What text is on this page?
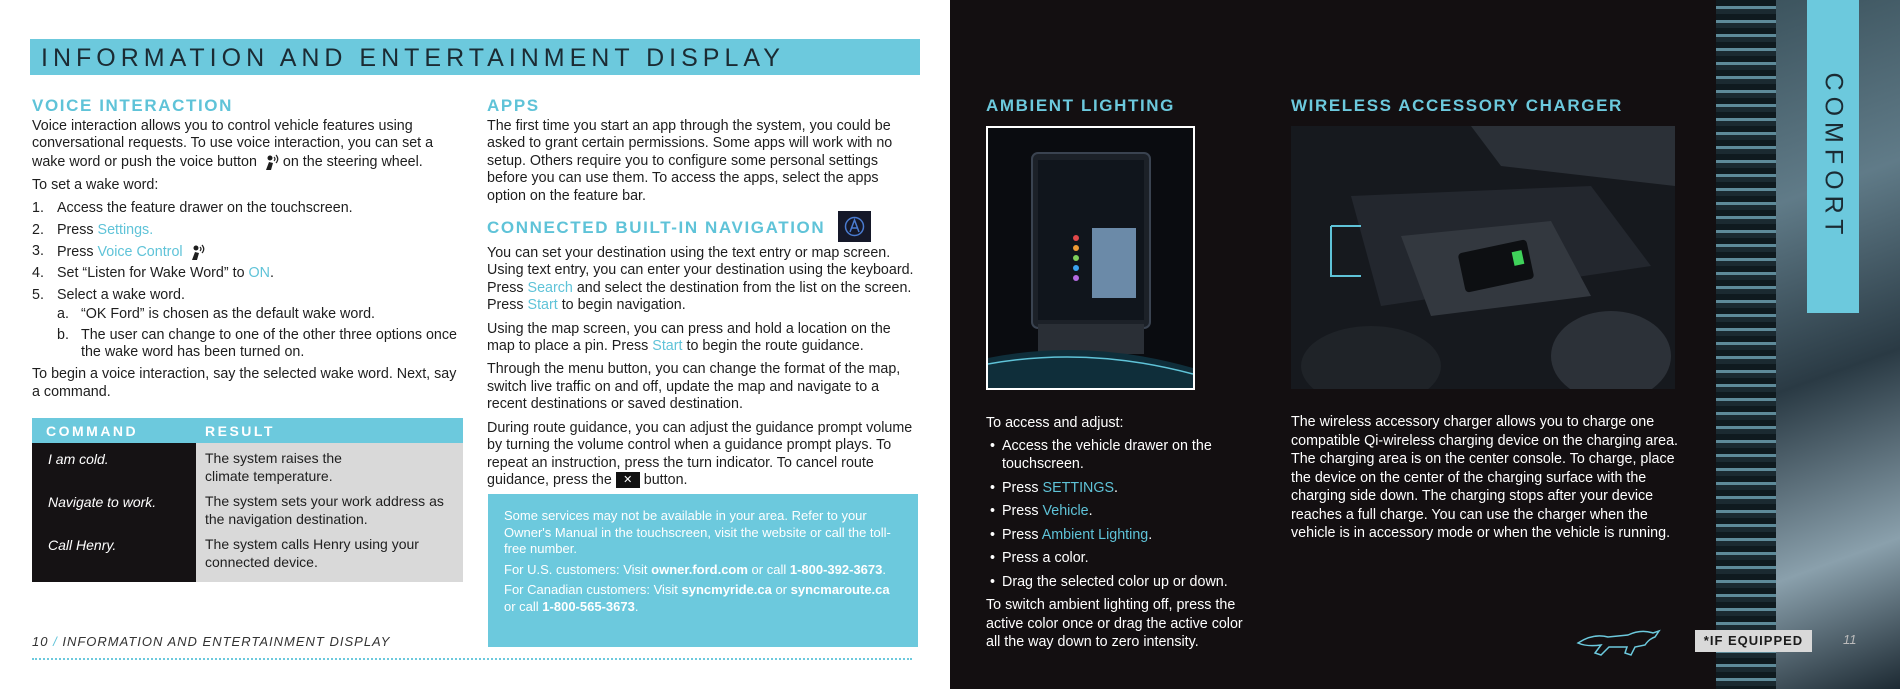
INFORMATION AND ENTERTAINMENT DISPLAY
VOICE INTERACTION

Voice interaction allows you to control vehicle features using conversational requests. To use voice interaction, you can set a wake word or push the voice button on the steering wheel.

To set a wake word:

1. Access the feature drawer on the touchscreen.
2. Press Settings.
3. Press Voice Control
4. Set “Listen for Wake Word” to ON.
5. Select a wake word.
a. “OK Ford” is chosen as the default wake word.
b. The user can change to one of the other three options once the wake word has been turned on.

To begin a voice interaction, say the selected wake word. Next, say a command.

COMMAND	RESULT
I am cold.	The system raises the climate temperature.
Navigate to work.	The system sets your work address as the navigation destination.
Call Henry.	The system calls Henry using your connected device.
APPS

The first time you start an app through the system, you could be asked to grant certain permissions. Some apps will work with no setup. Others require you to configure some personal settings before you can use them. To access the apps, select the apps option on the feature bar.

CONNECTED BUILT-IN NAVIGATION

You can set your destination using the text entry or map screen. Using text entry, you can enter your destination using the keyboard. Press Search and select the destination from the list on the screen. Press Start to begin navigation.

Using the map screen, you can press and hold a location on the map to place a pin. Press Start to begin the route guidance.

Through the menu button, you can change the format of the map, switch live traffic on and off, update the map and navigate to a recent destinations or saved destination.

During route guidance, you can adjust the guidance prompt volume by turning the volume control when a guidance prompt plays. To repeat an instruction, press the turn indicator. To cancel route guidance, press the ✕ button.

Some services may not be available in your area. Refer to your Owner's Manual in the touchscreen, visit the website or call the toll-free number.

For U.S. customers: Visit owner.ford.com or call 1-800-392-3673.

For Canadian customers: Visit syncmyride.ca or syncmaroute.ca or call 1-800-565-3673.

10 / INFORMATION AND ENTERTAINMENT DISPLAY
COMFORT
AMBIENT LIGHTING
To access and adjust:
• Access the vehicle drawer on the touchscreen.
• Press SETTINGS.
• Press Vehicle.
• Press Ambient Lighting.
• Press a color.
• Drag the selected color up or down.
To switch ambient lighting off, press the active color once or drag the active color all the way down to zero intensity.
WIRELESS ACCESSORY CHARGER
The wireless accessory charger allows you to charge one compatible Qi-wireless charging device on the charging area. The charging area is on the center console. To charge, place the device on the center of the charging surface with the charging side down. The charging stops after your device reaches a full charge. You can use the charger when the vehicle is in accessory mode or when the vehicle is running.
*IF EQUIPPED	11
